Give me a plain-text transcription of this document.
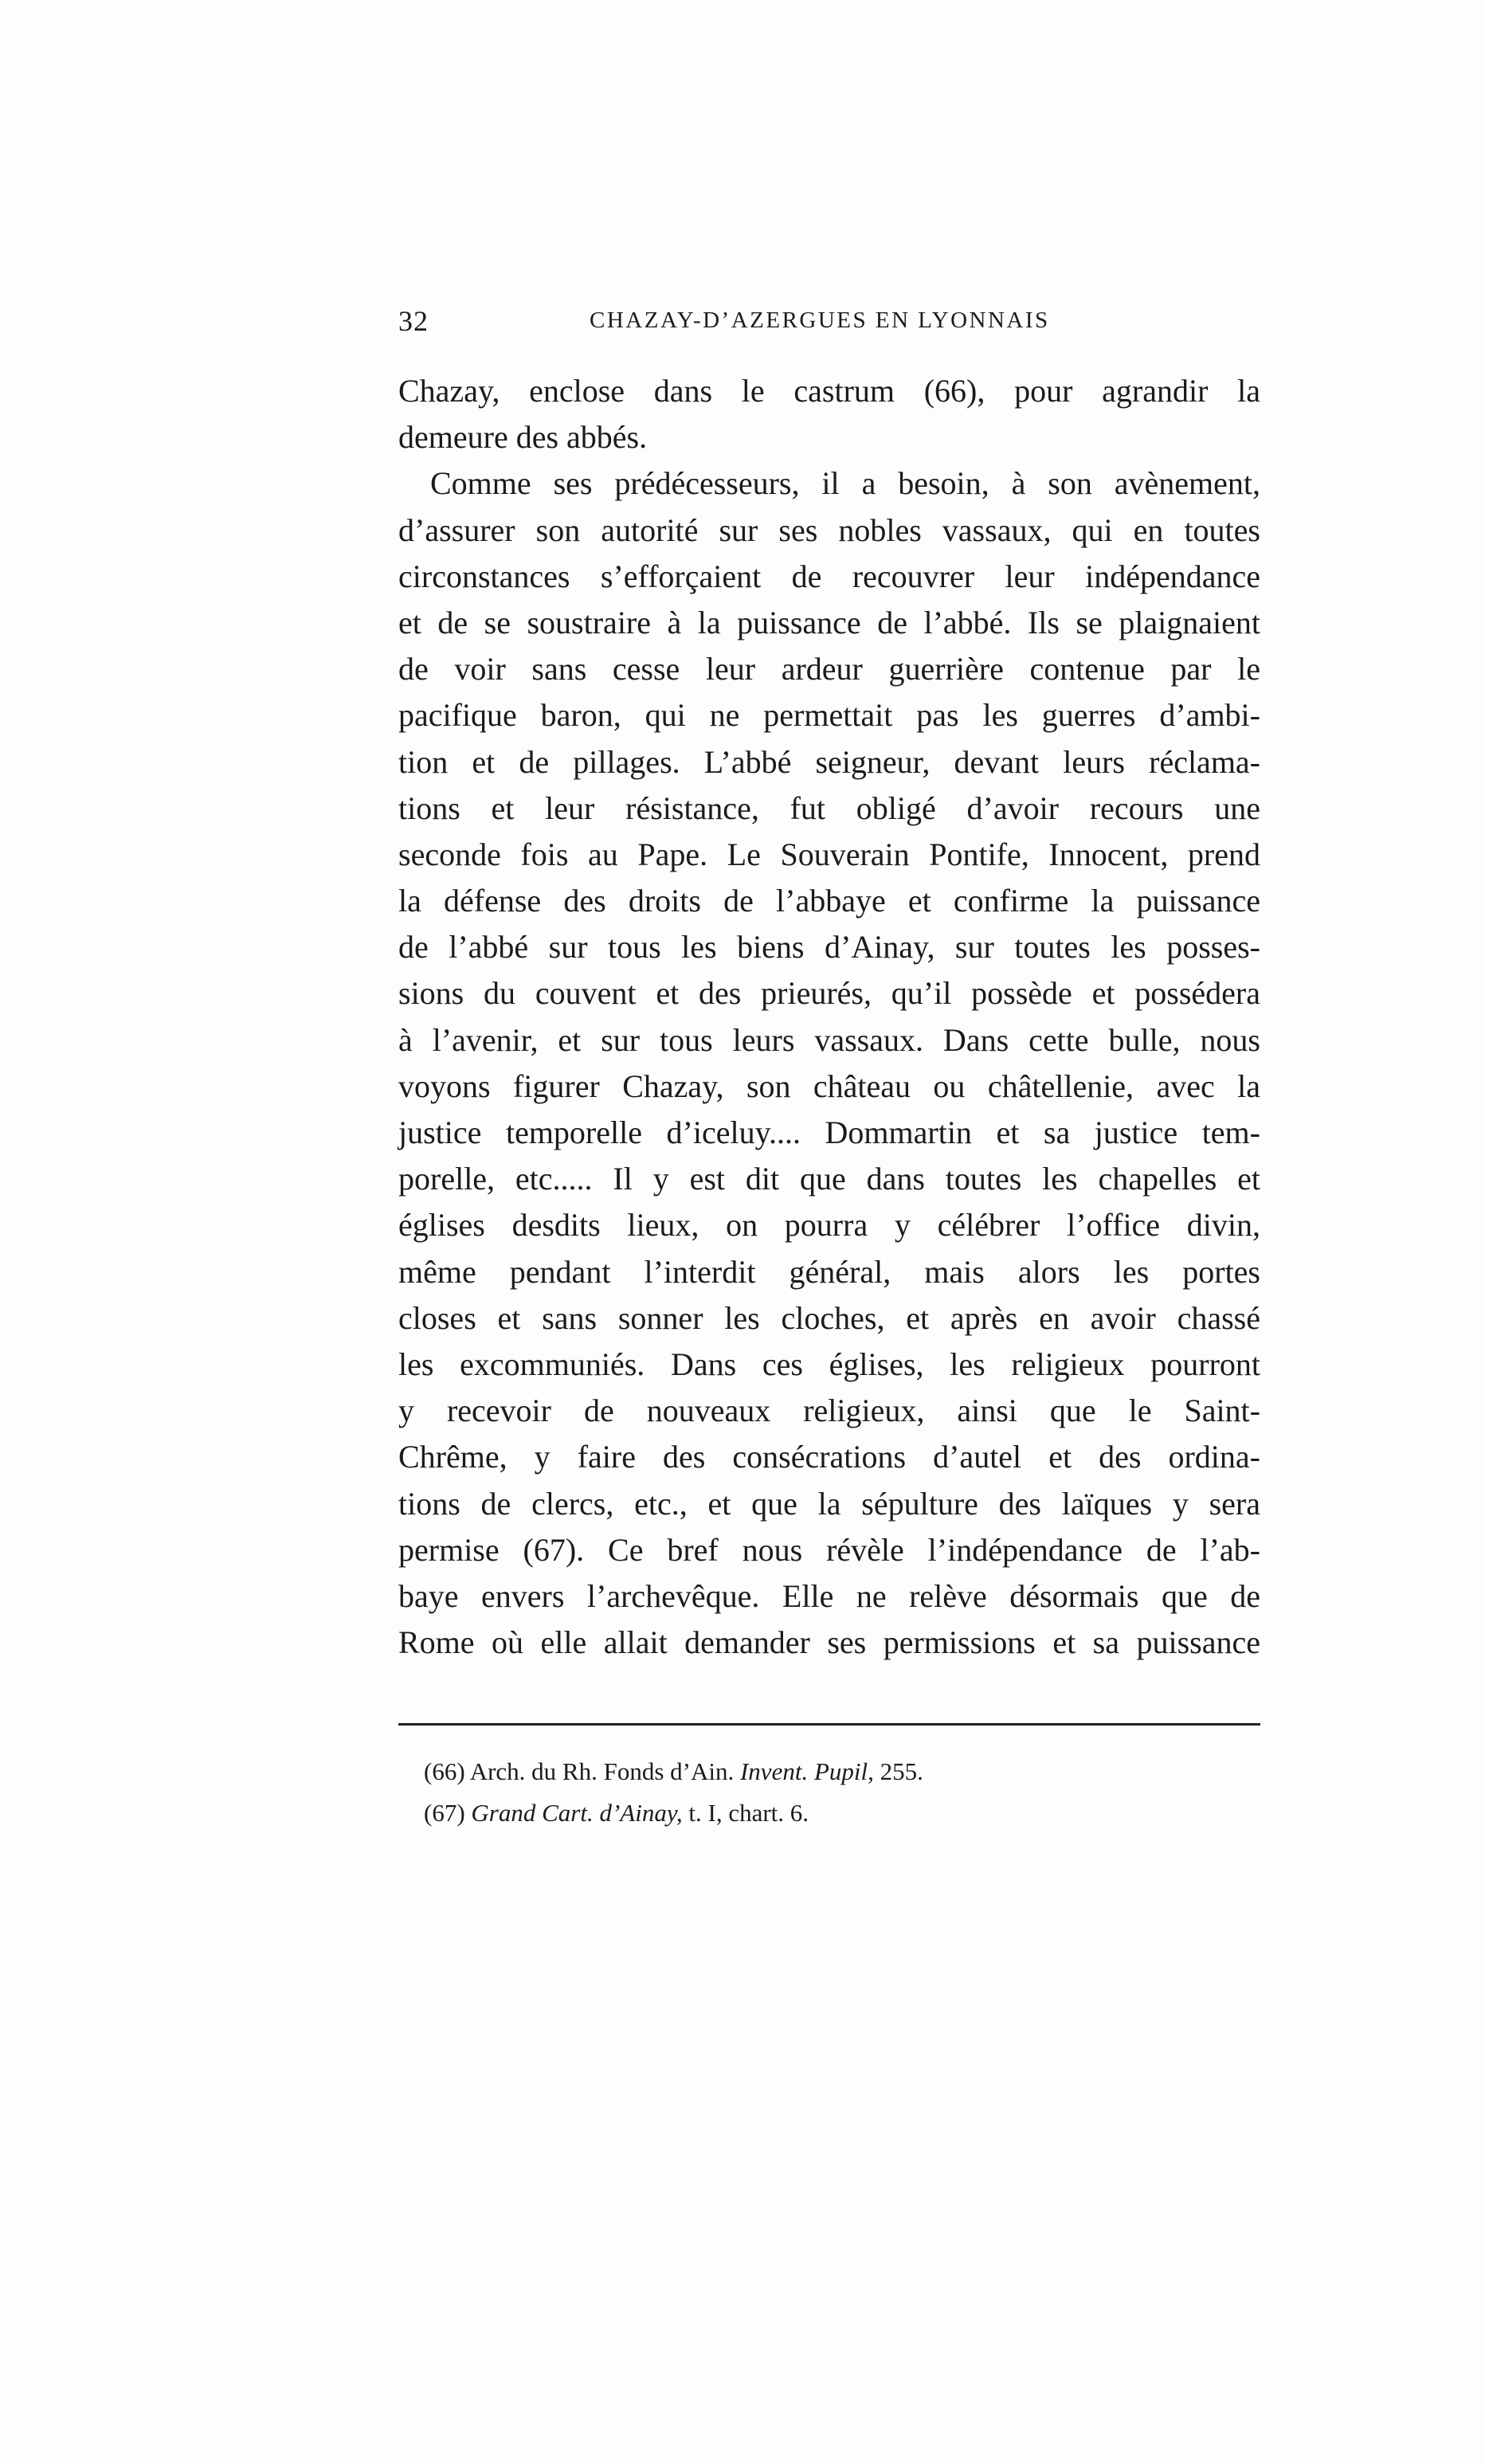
32	CHAZAY-D’AZERGUES EN LYONNAIS
Chazay, enclose dans le castrum (66), pour agrandir la
demeure des abbés.
Comme ses prédécesseurs, il a besoin, à son avènement,
d’assurer son autorité sur ses nobles vassaux, qui en toutes
circonstances s’efforçaient de recouvrer leur indépendance
et de se soustraire à la puissance de l’abbé. Ils se plaignaient
de voir sans cesse leur ardeur guerrière contenue par le
pacifique baron, qui ne permettait pas les guerres d’ambi-
tion et de pillages. L’abbé seigneur, devant leurs réclama-
tions et leur résistance, fut obligé d’avoir recours une
seconde fois au Pape. Le Souverain Pontife, Innocent, prend
la défense des droits de l’abbaye et confirme la puissance
de l’abbé sur tous les biens d’Ainay, sur toutes les posses-
sions du couvent et des prieurés, qu’il possède et possédera
à l’avenir, et sur tous leurs vassaux. Dans cette bulle, nous
voyons figurer Chazay, son château ou châtellenie, avec la
justice temporelle d’iceluy.... Dommartin et sa justice tem-
porelle, etc..... Il y est dit que dans toutes les chapelles et
églises desdits lieux, on pourra y célébrer l’office divin,
même pendant l’interdit général, mais alors les portes
closes et sans sonner les cloches, et après en avoir chassé
les excommuniés. Dans ces églises, les religieux pourront
y recevoir de nouveaux religieux, ainsi que le Saint-
Chrême, y faire des consécrations d’autel et des ordina-
tions de clercs, etc., et que la sépulture des laïques y sera
permise (67). Ce bref nous révèle l’indépendance de l’ab-
baye envers l’archevêque. Elle ne relève désormais que de
Rome où elle allait demander ses permissions et sa puissance
(66) Arch. du Rh. Fonds d’Ain. Invent. Pupil, 255.
(67) Grand Cart. d’Ainay, t. I, chart. 6.
